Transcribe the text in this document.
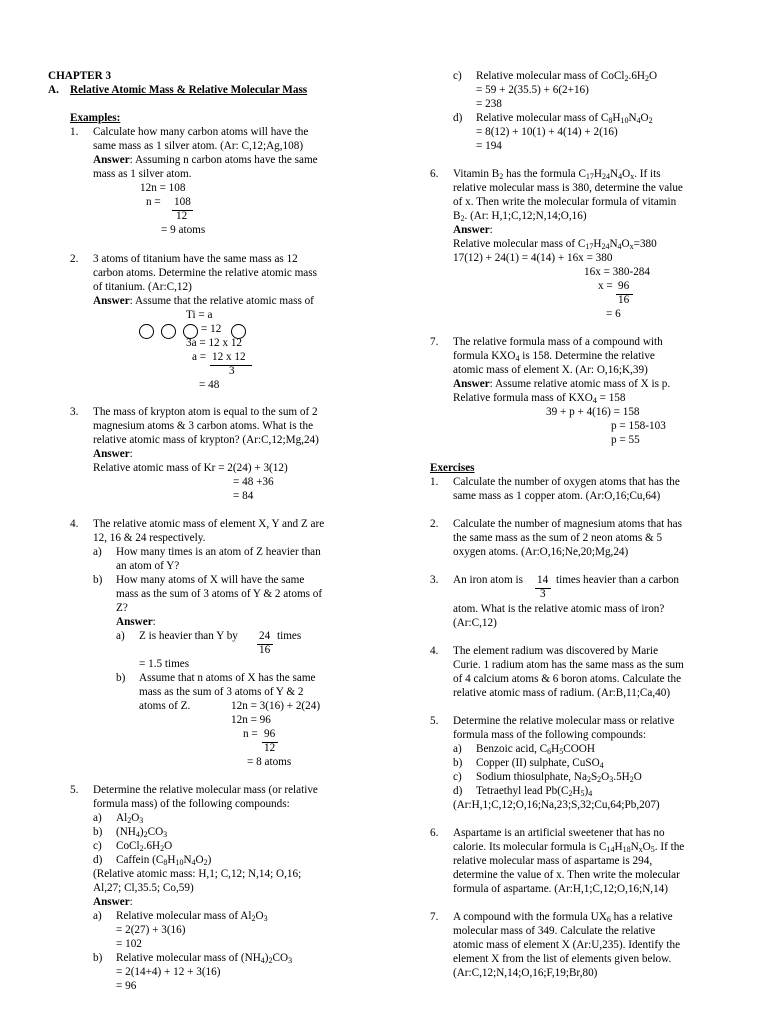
CHAPTER 3
A. Relative Atomic Mass & Relative Molecular Mass
Examples:
1. Calculate how many carbon atoms will have the
same mass as 1 silver atom. (Ar: C,12;Ag,108)
Answer: Assuming n carbon atoms have the same
mass as 1 silver atom.
12n = 108
n = 108
12
= 9 atoms
2. 3 atoms of titanium have the same mass as 12
carbon atoms. Determine the relative atomic mass
of titanium. (Ar:C,12)
Answer: Assume that the relative atomic mass of
Ti = a
= 12
3a = 12 x 12
a = 12 x 12
3
= 48
3. The mass of krypton atom is equal to the sum of 2
magnesium atoms & 3 carbon atoms. What is the
relative atomic mass of krypton? (Ar:C,12;Mg,24)
Answer:
Relative atomic mass of Kr = 2(24) + 3(12)
= 48 +36
= 84
4. The relative atomic mass of element X, Y and Z are
12, 16 & 24 respectively.
a) How many times is an atom of Z heavier than
an atom of Y?
b) How many atoms of X will have the same
mass as the sum of 3 atoms of Y & 2 atoms of
Z?
Answer:
a) Z is heavier than Y by 24 times
16
= 1.5 times
b) Assume that n atoms of X has the same
mass as the sum of 3 atoms of Y & 2
atoms of Z.	12n = 3(16) + 2(24)
12n = 96
n = 96
12
= 8 atoms
5. Determine the relative molecular mass (or relative
formula mass) of the following compounds:
a) $Al_2O_3$
b) $(NH_4)_2CO_3$
c) $CoCl_2.6H_2O$
d) Caffein $(C_8H_{10}N_4O_2)$
(Relative atomic mass: H,1; C,12; N,14; O,16;
Al,27; Cl,35.5; Co,59)
Answer:
a) Relative molecular mass of $Al_2O_3$
= 2(27) + 3(16)
= 102
b) Relative molecular mass of $(NH_4)_2CO_3$
= 2(14+4) + 12 + 3(16)
= 96
c) Relative molecular mass of $CoCl_2.6H_2O$
= 59 + 2(35.5) + 6(2+16)
= 238
d) Relative molecular mass of $C_8H_{10}N_4O_2$
= 8(12) + 10(1) + 4(14) + 2(16)
= 194
6. Vitamin $B_2$ has the formula $C_{17}H_{24}N_4O_x$. If its
relative molecular mass is 380, determine the value
of x. Then write the molecular formula of vitamin
$B_2$. (Ar: H,1;C,12;N,14;O,16)
Answer:
Relative molecular mass of $C_{17}H_{24}N_4O_x=380$
17(12) + 24(1) = 4(14) + 16x = 380
16x = 380-284
x = 96
16
= 6
7. The relative formula mass of a compound with
formula $KXO_4$ is 158. Determine the relative
atomic mass of element X. (Ar: O,16;K,39)
Answer: Assume relative atomic mass of X is p.
Relative formula mass of $KXO_4 = 158$
39 + p + 4(16) = 158
p = 158-103
p = 55
Exercises
1. Calculate the number of oxygen atoms that has the
same mass as 1 copper atom. (Ar:O,16;Cu,64)
2. Calculate the number of magnesium atoms that has
the same mass as the sum of 2 neon atoms & 5
oxygen atoms. (Ar:O,16;Ne,20;Mg,24)
3. An iron atom is 14 times heavier than a carbon
3
atom. What is the relative atomic mass of iron?
(Ar:C,12)
4. The element radium was discovered by Marie
Curie. 1 radium atom has the same mass as the sum
of 4 calcium atoms & 6 boron atoms. Calculate the
relative atomic mass of radium. (Ar:B,11;Ca,40)
5. Determine the relative molecular mass or relative
formula mass of the following compounds:
a) Benzoic acid, $C_6H_5COOH$
b) Copper (II) sulphate, CuSO$_4$
c) Sodium thiosulphate, $Na_2S_2O_3.5H_2O$
d) Tetraethyl lead $Pb(C_2H_5)_4$
(Ar:H,1;C,12;O,16;Na,23;S,32;Cu,64;Pb,207)
6. Aspartame is an artificial sweetener that has no
calorie. Its molecular formula is $C_{14}H_{18}N_xO_5$. If the
relative molecular mass of aspartame is 294,
determine the value of x. Then write the molecular
formula of aspartame. (Ar:H,1;C,12;O,16;N,14)
7. A compound with the formula $UX_6$ has a relative
molecular mass of 349. Calculate the relative
atomic mass of element X (Ar:U,235). Identify the
element X from the list of elements given below.
(Ar:C,12;N,14;O,16;F,19;Br,80)
